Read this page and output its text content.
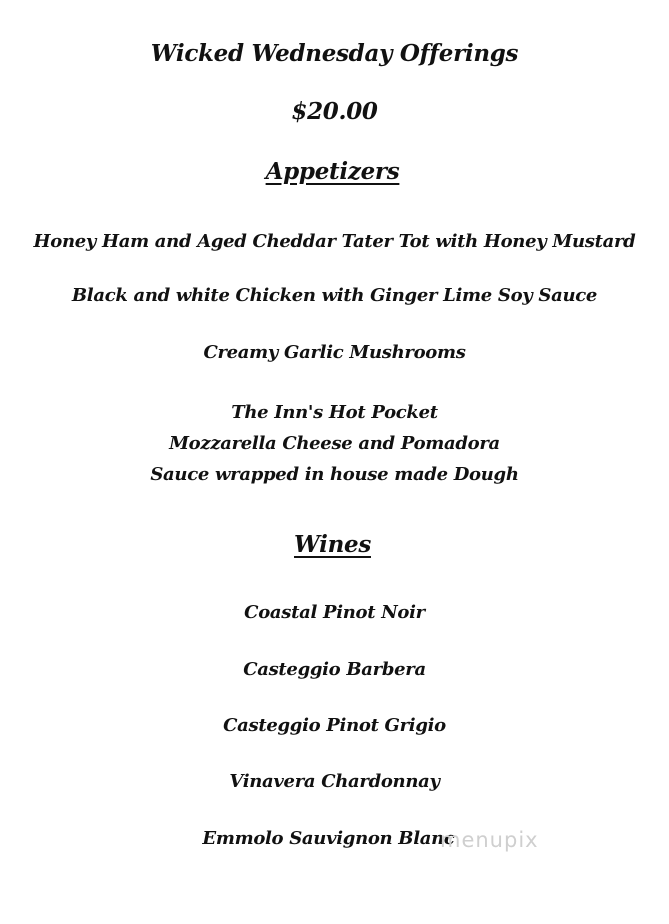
Wicked Wednesday Offerings
$20.00
Appetizers
Honey Ham and Aged Cheddar Tater Tot with Honey Mustard
Black and white Chicken with Ginger Lime Soy Sauce
Creamy Garlic Mushrooms
The Inn's Hot Pocket
Mozzarella Cheese and Pomadora
Sauce wrapped in house made Dough
Wines
Coastal Pinot Noir
Casteggio Barbera
Casteggio Pinot Grigio
Vinavera Chardonnay
Emmolo Sauvignon Blanc
menupix
